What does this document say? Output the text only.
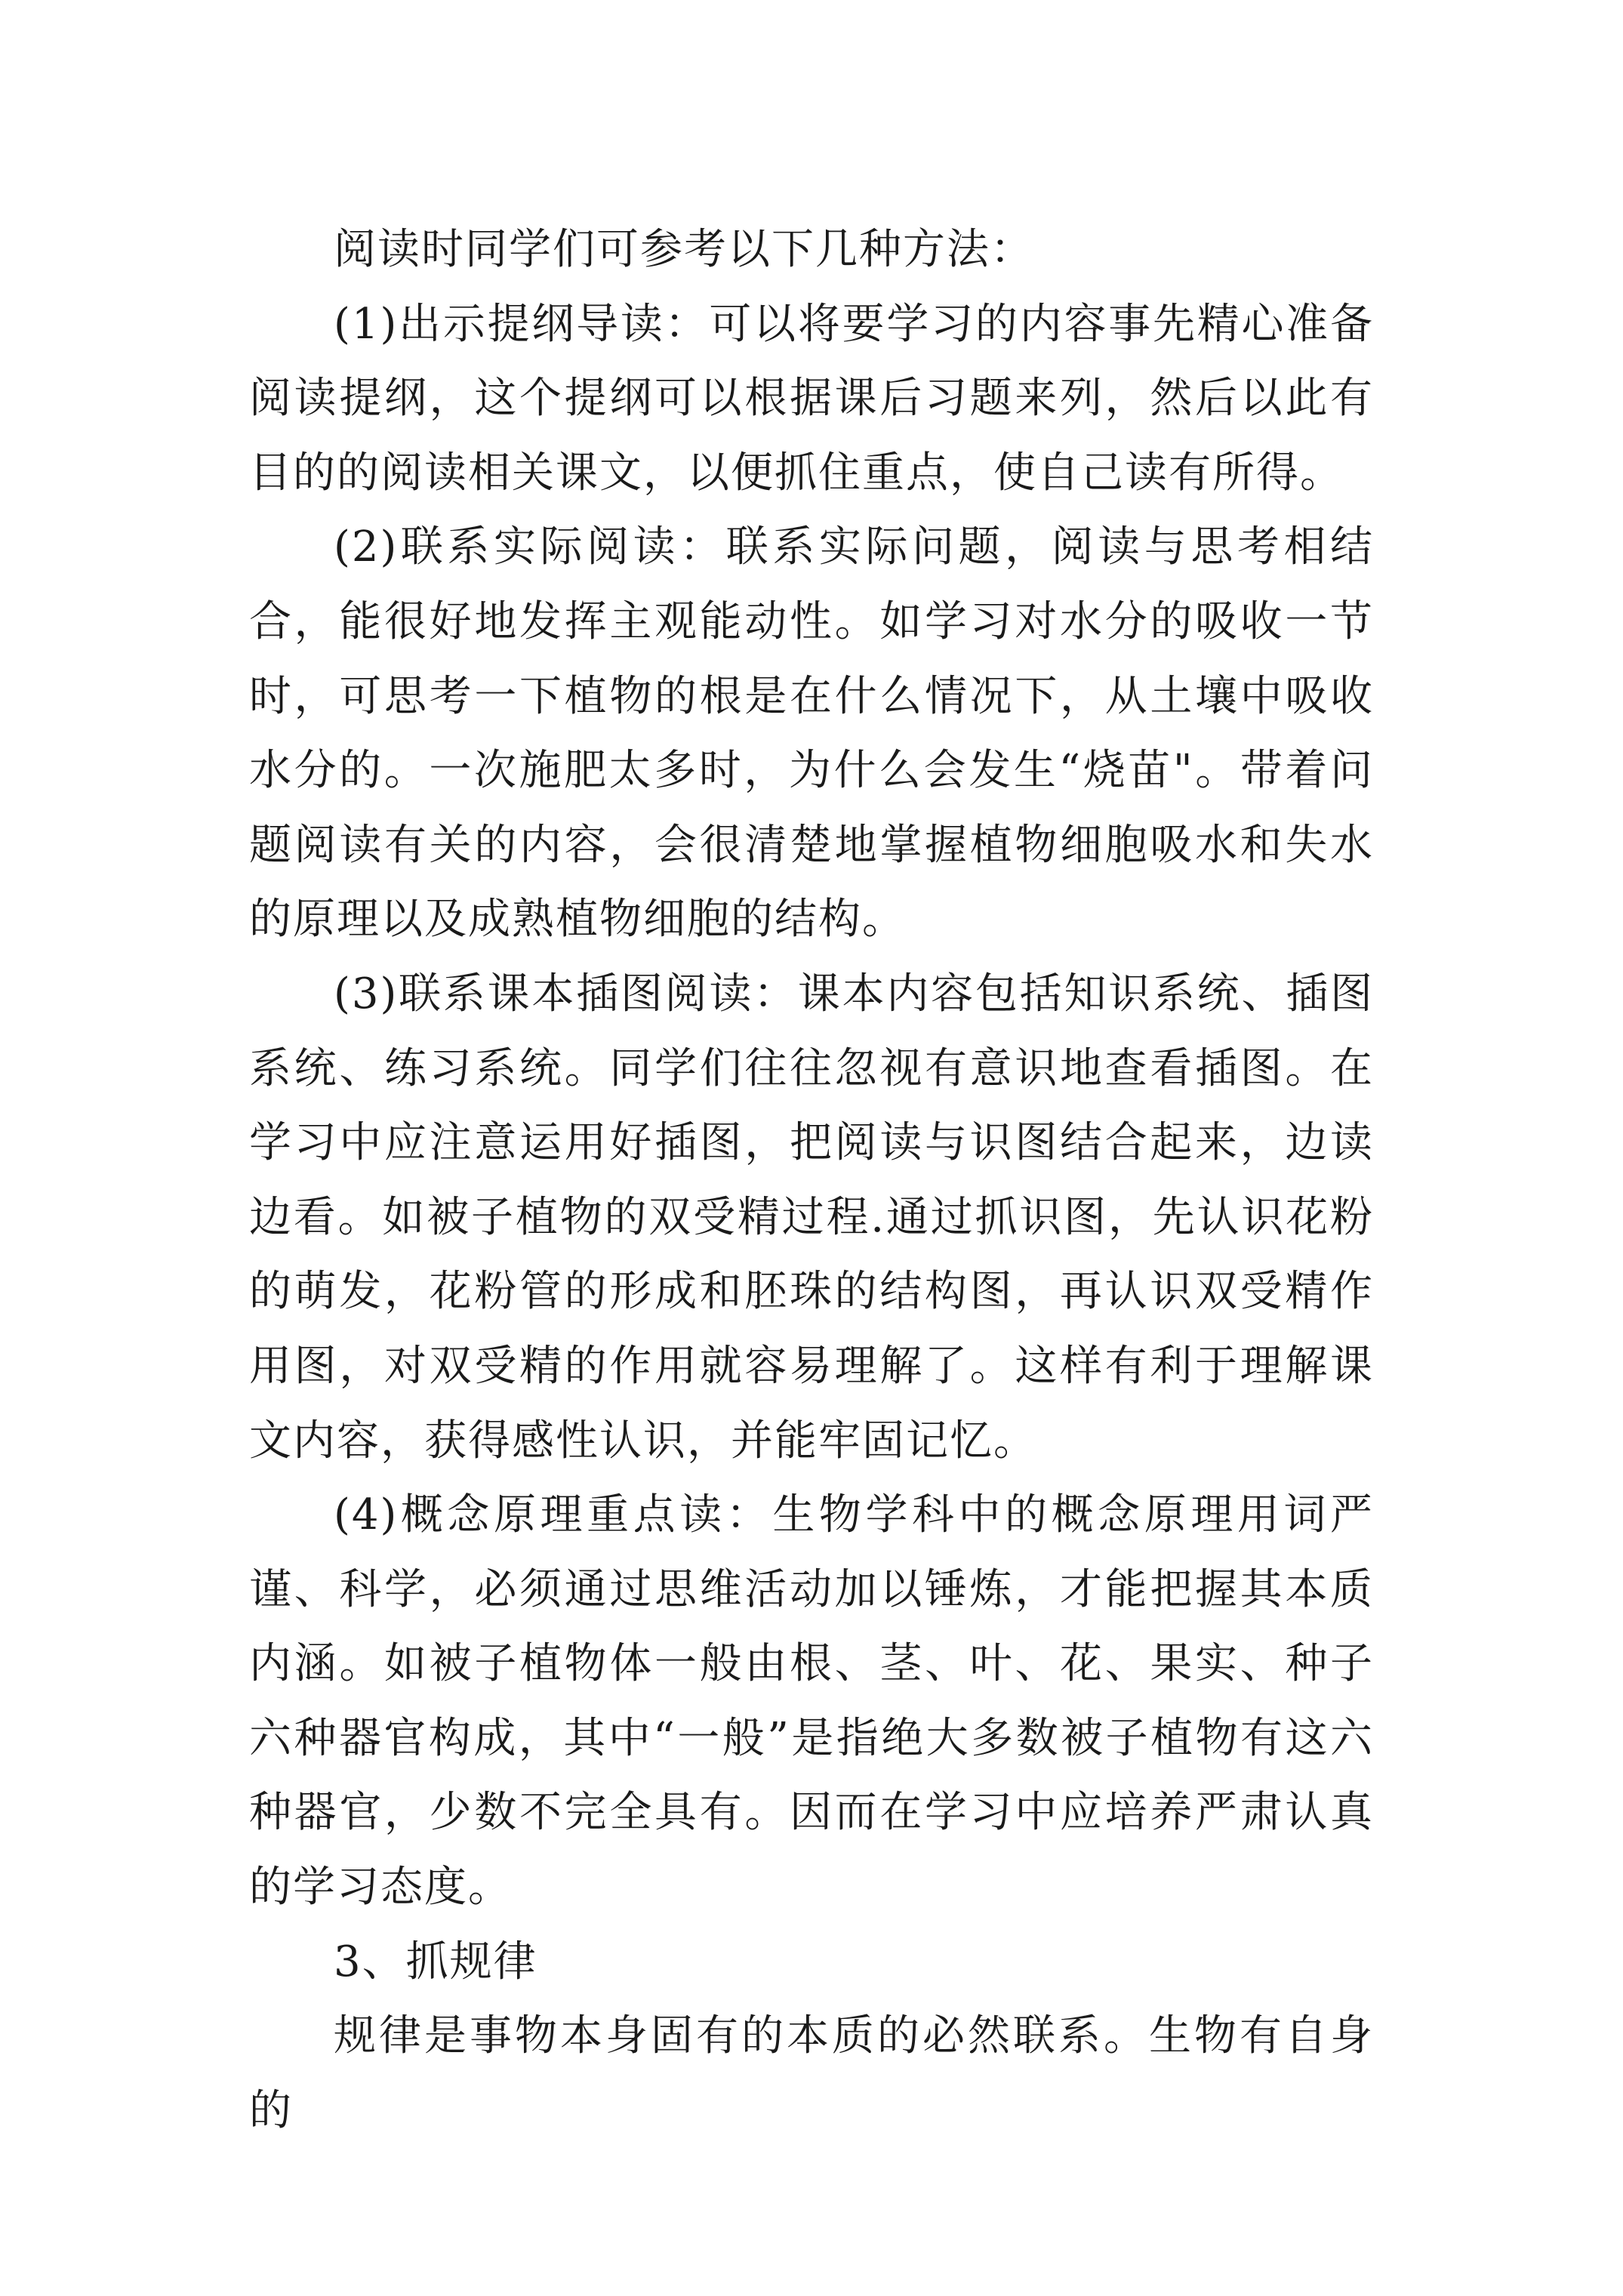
阅读时同学们可参考以下几种方法：

(1)出示提纲导读：可以将要学习的内容事先精心准备阅读提纲，这个提纲可以根据课后习题来列，然后以此有目的的阅读相关课文，以便抓住重点，使自己读有所得。

(2)联系实际阅读：联系实际问题，阅读与思考相结合，能很好地发挥主观能动性。如学习对水分的吸收一节时，可思考一下植物的根是在什么情况下，从土壤中吸收水分的。一次施肥太多时，为什么会发生“烧苗"。带着问题阅读有关的内容，会很清楚地掌握植物细胞吸水和失水的原理以及成熟植物细胞的结构。

(3)联系课本插图阅读：课本内容包括知识系统、插图系统、练习系统。同学们往往忽视有意识地查看插图。在学习中应注意运用好插图，把阅读与识图结合起来，边读边看。如被子植物的双受精过程.通过抓识图，先认识花粉的萌发，花粉管的形成和胚珠的结构图，再认识双受精作用图，对双受精的作用就容易理解了。这样有利于理解课文内容，获得感性认识，并能牢固记忆。

(4)概念原理重点读：生物学科中的概念原理用词严谨、科学，必须通过思维活动加以锤炼，才能把握其本质内涵。如被子植物体一般由根、茎、叶、花、果实、种子六种器官构成，其中“一般”是指绝大多数被子植物有这六种器官，少数不完全具有。因而在学习中应培养严肃认真的学习态度。

3、抓规律

规律是事物本身固有的本质的必然联系。生物有自身的
